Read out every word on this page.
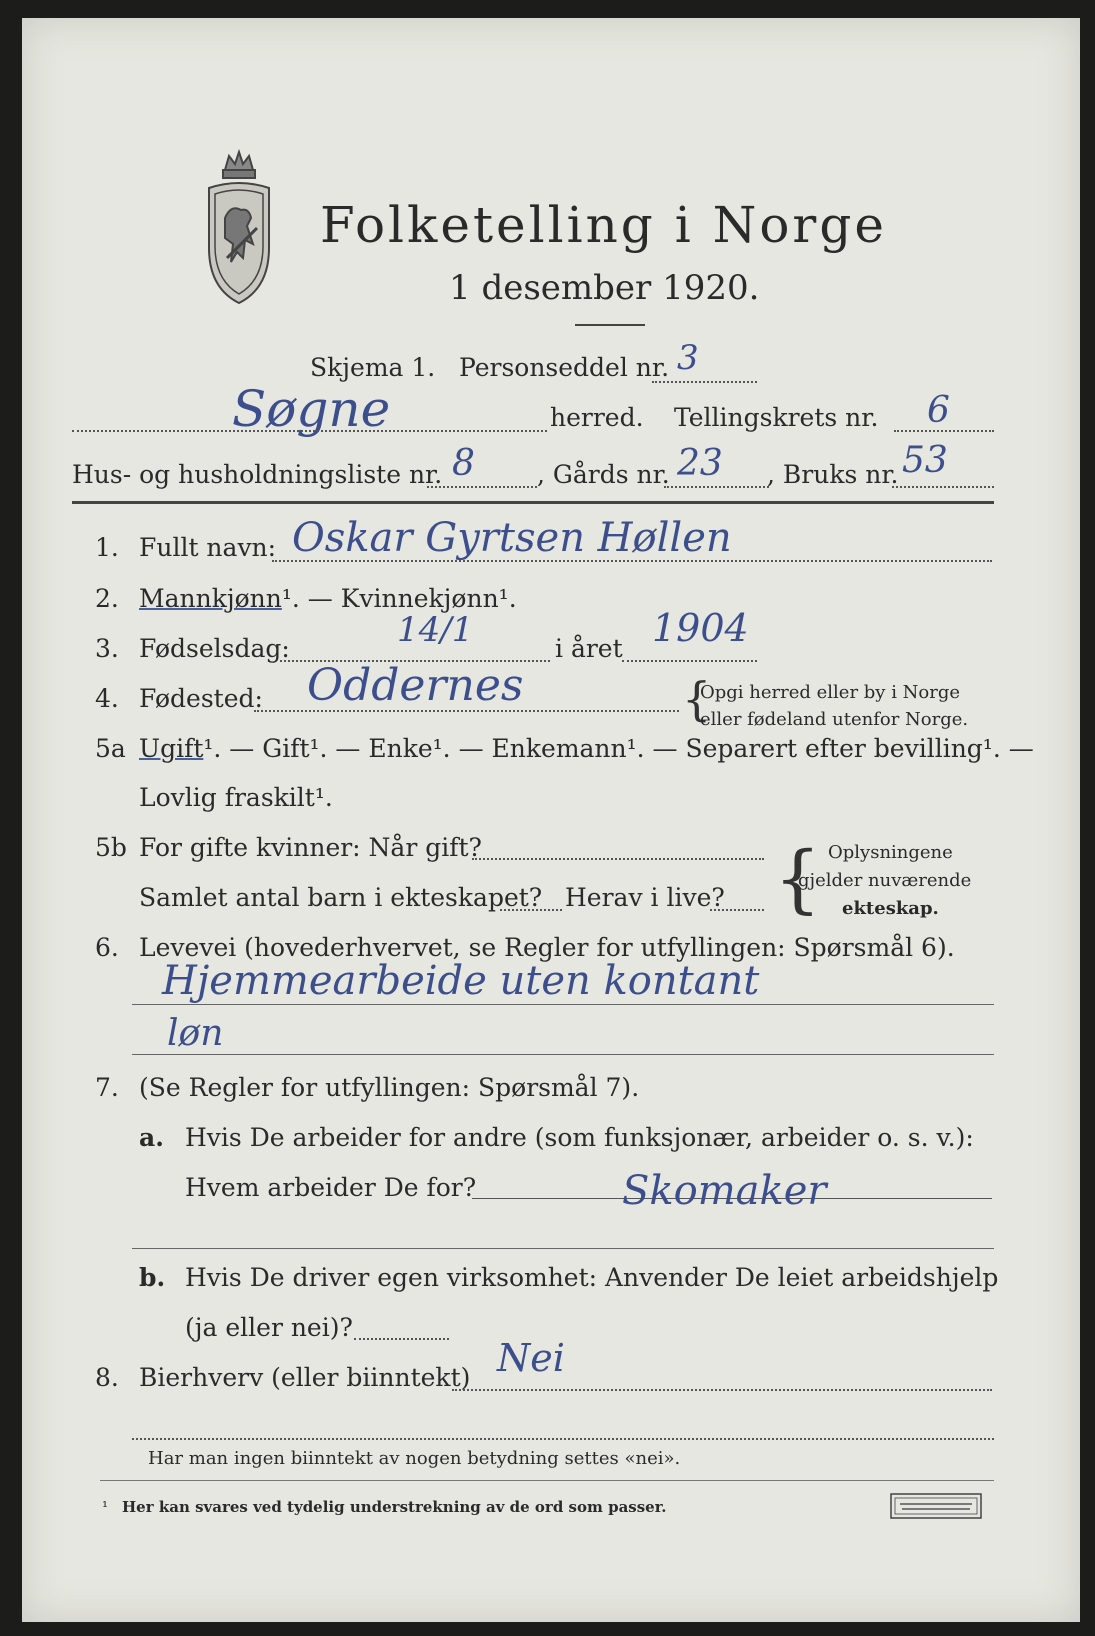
Folketelling i Norge
1 desember 1920.
Skjema 1. Personseddel nr. 3
Søgne	herred. Tellingskrets nr. 6
Hus- og husholdningsliste nr. 8 , Gårds nr. 23 , Bruks nr. 53
1. Fullt navn: Oskar Gyrtsen Høllen
2. Mannkjønn¹. — Kvinnekjønn¹.
3. Fødselsdag:	14/1	i året 1904
4. Fødested: Oddernes	{
Opgi herred eller by i Norge
eller fødeland utenfor Norge.
5a Ugift¹. — Gift¹. — Enke¹. — Enkemann¹. — Separert efter bevilling¹. —
Lovlig fraskilt¹.
5b For gifte kvinner: Når gift?
Samlet antal barn i ekteskapet? Herav i live? { Oplysningene
gjelder nuværende
ekteskap.
6. Levevei (hovederhvervet, se Regler for utfyllingen: Spørsmål 6).
Hjemmearbeide uten kontant
løn
7. (Se Regler for utfyllingen: Spørsmål 7).
a. Hvis De arbeider for andre (som funksjonær, arbeider o. s. v.):
Hvem arbeider De for?	Skomaker
b. Hvis De driver egen virksomhet: Anvender De leiet arbeidshjelp
(ja eller nei)?
8. Bierhverv (eller biinntekt) Nei
Har man ingen biinntekt av nogen betydning settes «nei».
¹ Her kan svares ved tydelig understrekning av de ord som passer.
